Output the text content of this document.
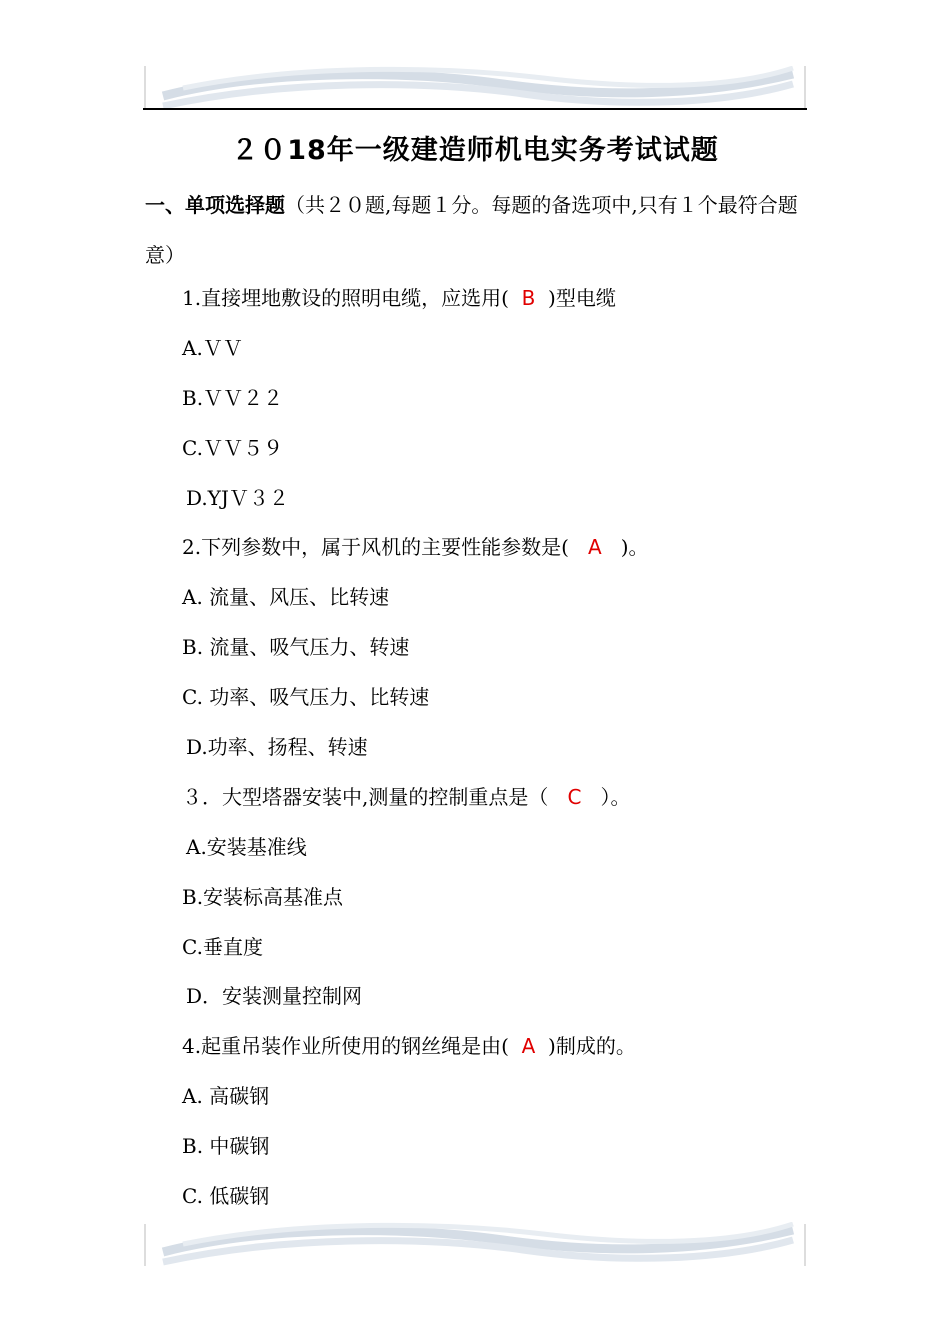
２０18年一级建造师机电实务考试试题
一、单项选择题（共２０题,每题１分。每题的备选项中,只有１个最符合题意）
1.直接埋地敷设的照明电缆，应选用(  B  )型电缆
A.ＶＶ
B.ＶＶ２２
C.ＶＶ５９
D.YJＶ３２
2.下列参数中，属于风机的主要性能参数是(   A   )。
A. 流量、风压、比转速
B. 流量、吸气压力、转速
C. 功率、吸气压力、比转速
D.功率、扬程、转速
３．大型塔器安装中,测量的控制重点是（   C   ）。
A.安装基准线
B.安装标高基准点
C.垂直度
D．安装测量控制网
4.起重吊装作业所使用的钢丝绳是由(  A  )制成的。
A. 高碳钢
B. 中碳钢
C. 低碳钢
